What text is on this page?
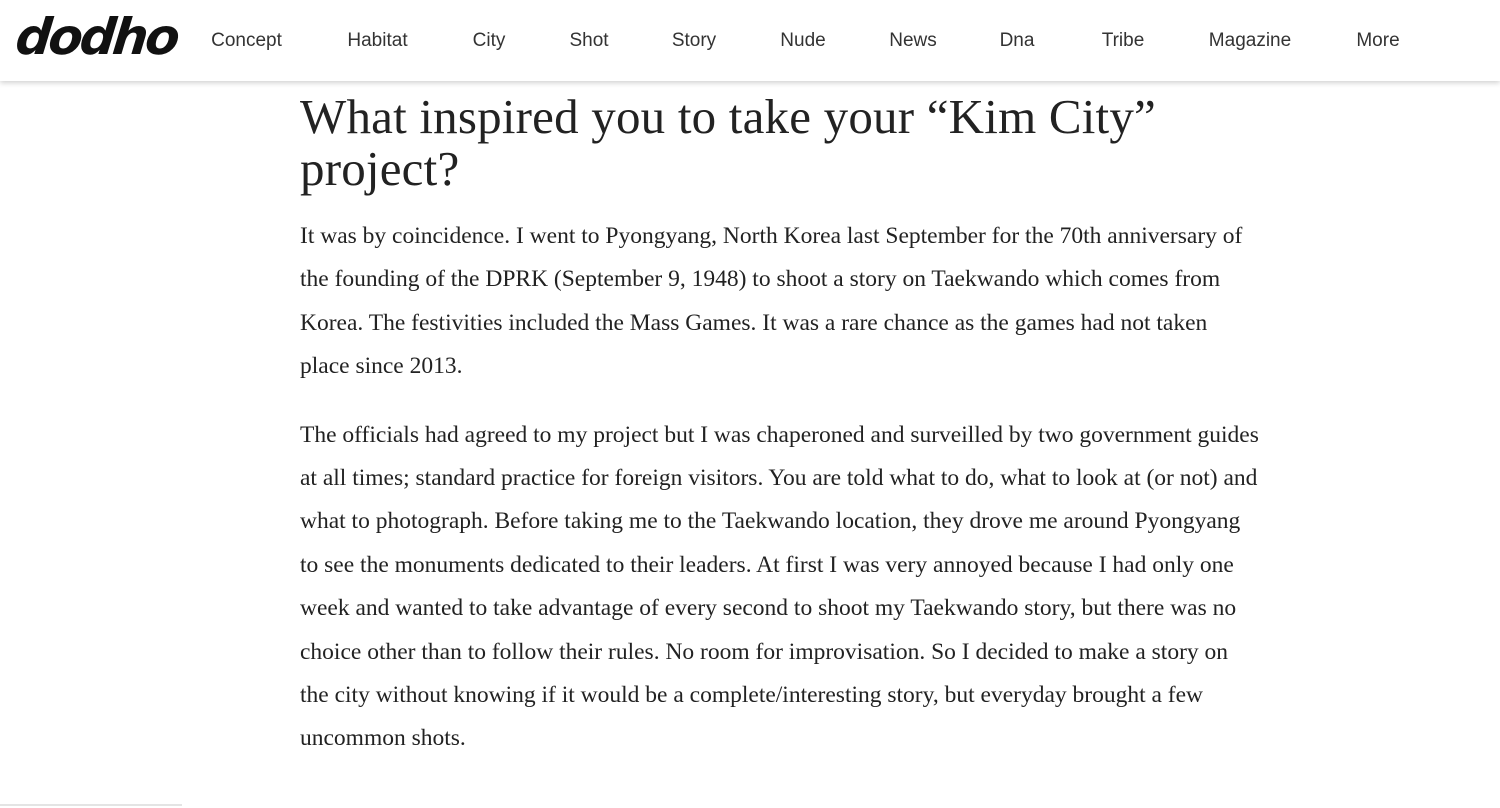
dodho	Concept	Habitat	City	Shot	Story	Nude	News	Dna	Tribe	Magazine	More
What inspired you to take your “Kim City” project?

It was by coincidence. I went to Pyongyang, North Korea last September for the 70th anniversary of the founding of the DPRK (September 9, 1948) to shoot a story on Taekwando which comes from Korea. The festivities included the Mass Games. It was a rare chance as the games had not taken place since 2013.

The officials had agreed to my project but I was chaperoned and surveilled by two government guides at all times; standard practice for foreign visitors. You are told what to do, what to look at (or not) and what to photograph. Before taking me to the Taekwando location, they drove me around Pyongyang to see the monuments dedicated to their leaders. At first I was very annoyed because I had only one week and wanted to take advantage of every second to shoot my Taekwando story, but there was no choice other than to follow their rules. No room for improvisation. So I decided to make a story on the city without knowing if it would be a complete/interesting story, but everyday brought a few uncommon shots.
